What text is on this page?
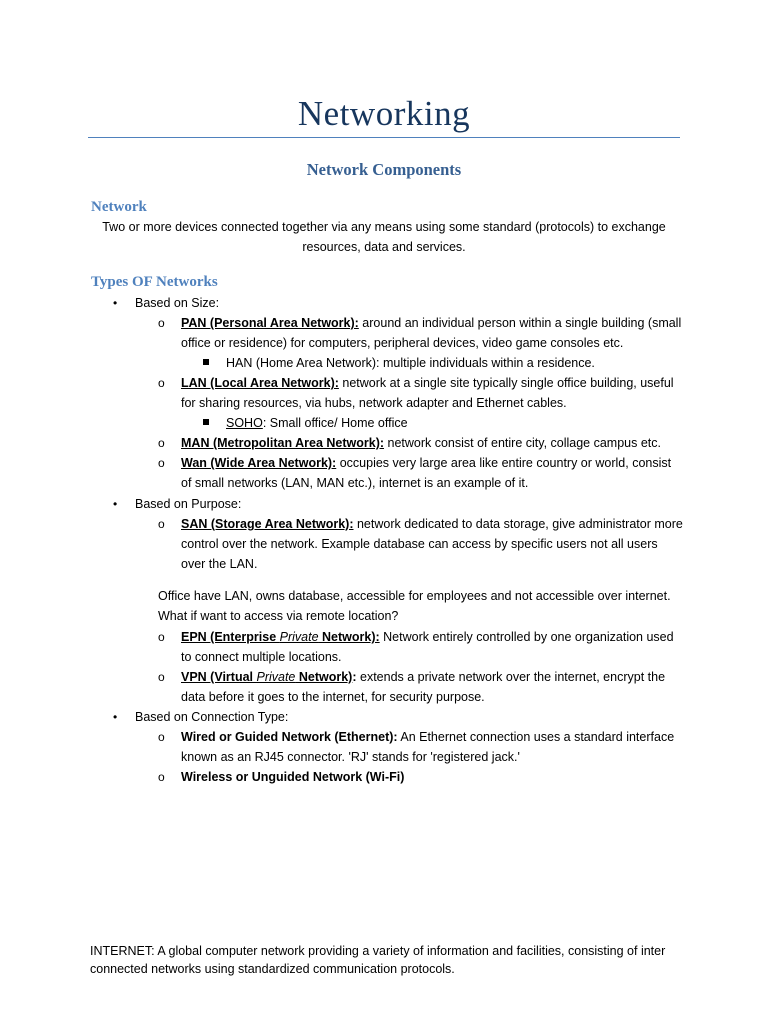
Networking
Network Components
Network
Two or more devices connected together via any means using some standard (protocols) to exchange resources, data and services.
Types OF Networks
•	Based on Size:
o PAN (Personal Area Network): around an individual person within a single building (small office or residence) for computers, peripheral devices, video game consoles etc.
HAN (Home Area Network): multiple individuals within a residence.
o LAN (Local Area Network): network at a single site typically single office building, useful for sharing resources, via hubs, network adapter and Ethernet cables.
SOHO: Small office/ Home office
o MAN (Metropolitan Area Network): network consist of entire city, collage campus etc.
o Wan (Wide Area Network): occupies very large area like entire country or world, consist of small networks (LAN, MAN etc.), internet is an example of it.
•	Based on Purpose:
o SAN (Storage Area Network): network dedicated to data storage, give administrator more control over the network. Example database can access by specific users not all users over the LAN.
Office have LAN, owns database, accessible for employees and not accessible over internet. What if want to access via remote location?
o EPN (Enterprise Private Network): Network entirely controlled by one organization used to connect multiple locations.
o VPN (Virtual Private Network): extends a private network over the internet, encrypt the data before it goes to the internet, for security purpose.
•	Based on Connection Type:
o Wired or Guided Network (Ethernet): An Ethernet connection uses a standard interface known as an RJ45 connector. 'RJ' stands for 'registered jack.'
o Wireless or Unguided Network (Wi-Fi)
INTERNET: A global computer network providing a variety of information and facilities, consisting of inter connected networks using standardized communication protocols.
